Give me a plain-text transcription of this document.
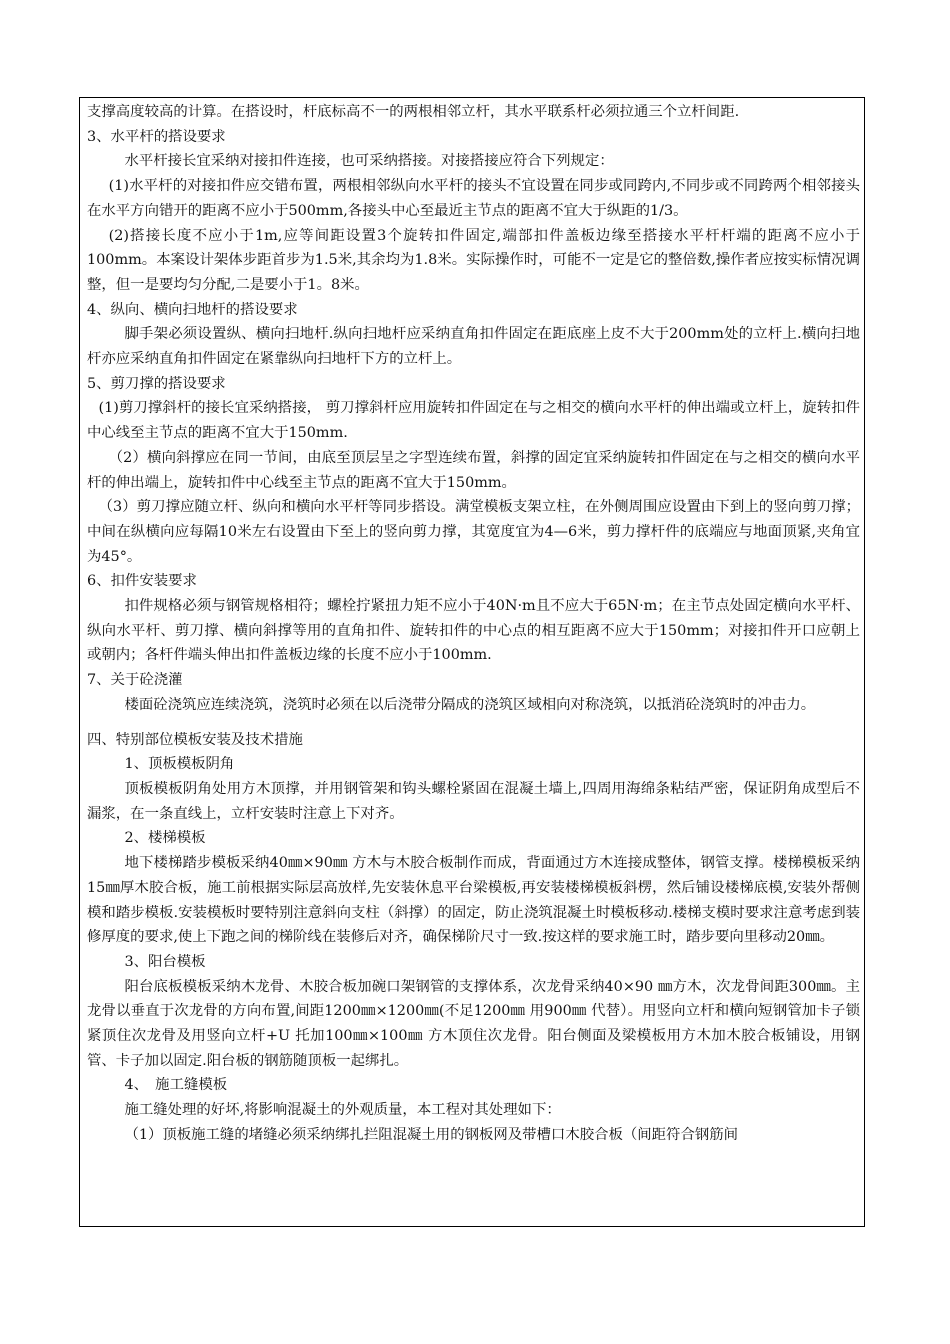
支撑高度较高的计算。在搭设时，杆底标高不一的两根相邻立杆，其水平联系杆必须拉通三个立杆间距.

3、水平杆的搭设要求

水平杆接长宜采纳对接扣件连接，也可采纳搭接。对接搭接应符合下列规定：

(1)水平杆的对接扣件应交错布置，两根相邻纵向水平杆的接头不宜设置在同步或同跨内,不同步或不同跨两个相邻接头在水平方向错开的距离不应小于500mm,各接头中心至最近主节点的距离不宜大于纵距的1/3。

(2)搭接长度不应小于1m,应等间距设置3个旋转扣件固定,端部扣件盖板边缘至搭接水平杆杆端的距离不应小于100mm。本案设计架体步距首步为1.5米,其余均为1.8米。实际操作时，可能不一定是它的整倍数,操作者应按实标情况调整，但一是要均匀分配,二是要小于1。8米。

4、纵向、横向扫地杆的搭设要求

脚手架必须设置纵、横向扫地杆.纵向扫地杆应采纳直角扣件固定在距底座上皮不大于200mm处的立杆上.横向扫地杆亦应采纳直角扣件固定在紧靠纵向扫地杆下方的立杆上。

5、剪刀撑的搭设要求

(1)剪刀撑斜杆的接长宜采纳搭接， 剪刀撑斜杆应用旋转扣件固定在与之相交的横向水平杆的伸出端或立杆上，旋转扣件中心线至主节点的距离不宜大于150mm.

（2）横向斜撑应在同一节间，由底至顶层呈之字型连续布置，斜撑的固定宜采纳旋转扣件固定在与之相交的横向水平杆的伸出端上，旋转扣件中心线至主节点的距离不宜大于150mm。

（3）剪刀撑应随立杆、纵向和横向水平杆等同步搭设。满堂模板支架立柱，在外侧周围应设置由下到上的竖向剪刀撑；中间在纵横向应每隔10米左右设置由下至上的竖向剪力撑，其宽度宜为4—6米，剪力撑杆件的底端应与地面顶紧,夹角宜为45°。

6、扣件安装要求

扣件规格必须与钢管规格相符；螺栓拧紧扭力矩不应小于40N·m且不应大于65N·m；在主节点处固定横向水平杆、纵向水平杆、剪刀撑、横向斜撑等用的直角扣件、旋转扣件的中心点的相互距离不应大于150mm；对接扣件开口应朝上或朝内；各杆件端头伸出扣件盖板边缘的长度不应小于100mm.

7、关于砼浇灌

楼面砼浇筑应连续浇筑，浇筑时必须在以后浇带分隔成的浇筑区域相向对称浇筑，以抵消砼浇筑时的冲击力。

四、特别部位模板安装及技术措施

1、顶板模板阴角

顶板模板阴角处用方木顶撑，并用钢管架和钩头螺栓紧固在混凝土墙上,四周用海绵条粘结严密，保证阴角成型后不漏浆，在一条直线上，立杆安装时注意上下对齐。

2、楼梯模板

地下楼梯踏步模板采纳40㎜×90㎜ 方木与木胶合板制作而成，背面通过方木连接成整体，钢管支撑。楼梯模板采纳15㎜厚木胶合板，施工前根据实际层高放样,先安装休息平台梁模板,再安装楼梯模板斜楞，然后铺设楼梯底模,安装外帮侧模和踏步模板.安装模板时要特别注意斜向支柱（斜撑）的固定，防止浇筑混凝土时模板移动.楼梯支模时要求注意考虑到装修厚度的要求,使上下跑之间的梯阶线在装修后对齐，确保梯阶尺寸一致.按这样的要求施工时，踏步要向里移动20㎜。

3、阳台模板

阳台底板模板采纳木龙骨、木胶合板加碗口架钢管的支撑体系，次龙骨采纳40×90 ㎜方木，次龙骨间距300㎜。主龙骨以垂直于次龙骨的方向布置,间距1200㎜×1200㎜(不足1200㎜ 用900㎜ 代替）。用竖向立杆和横向短钢管加卡子锁紧顶住次龙骨及用竖向立杆+U 托加100㎜×100㎜ 方木顶住次龙骨。阳台侧面及梁模板用方木加木胶合板铺设，用钢管、卡子加以固定.阳台板的钢筋随顶板一起绑扎。

4、　施工缝模板

施工缝处理的好坏,将影响混凝土的外观质量，本工程对其处理如下：

（1）顶板施工缝的堵缝必须采纳绑扎拦阻混凝土用的钢板网及带槽口木胶合板（间距符合钢筋间
